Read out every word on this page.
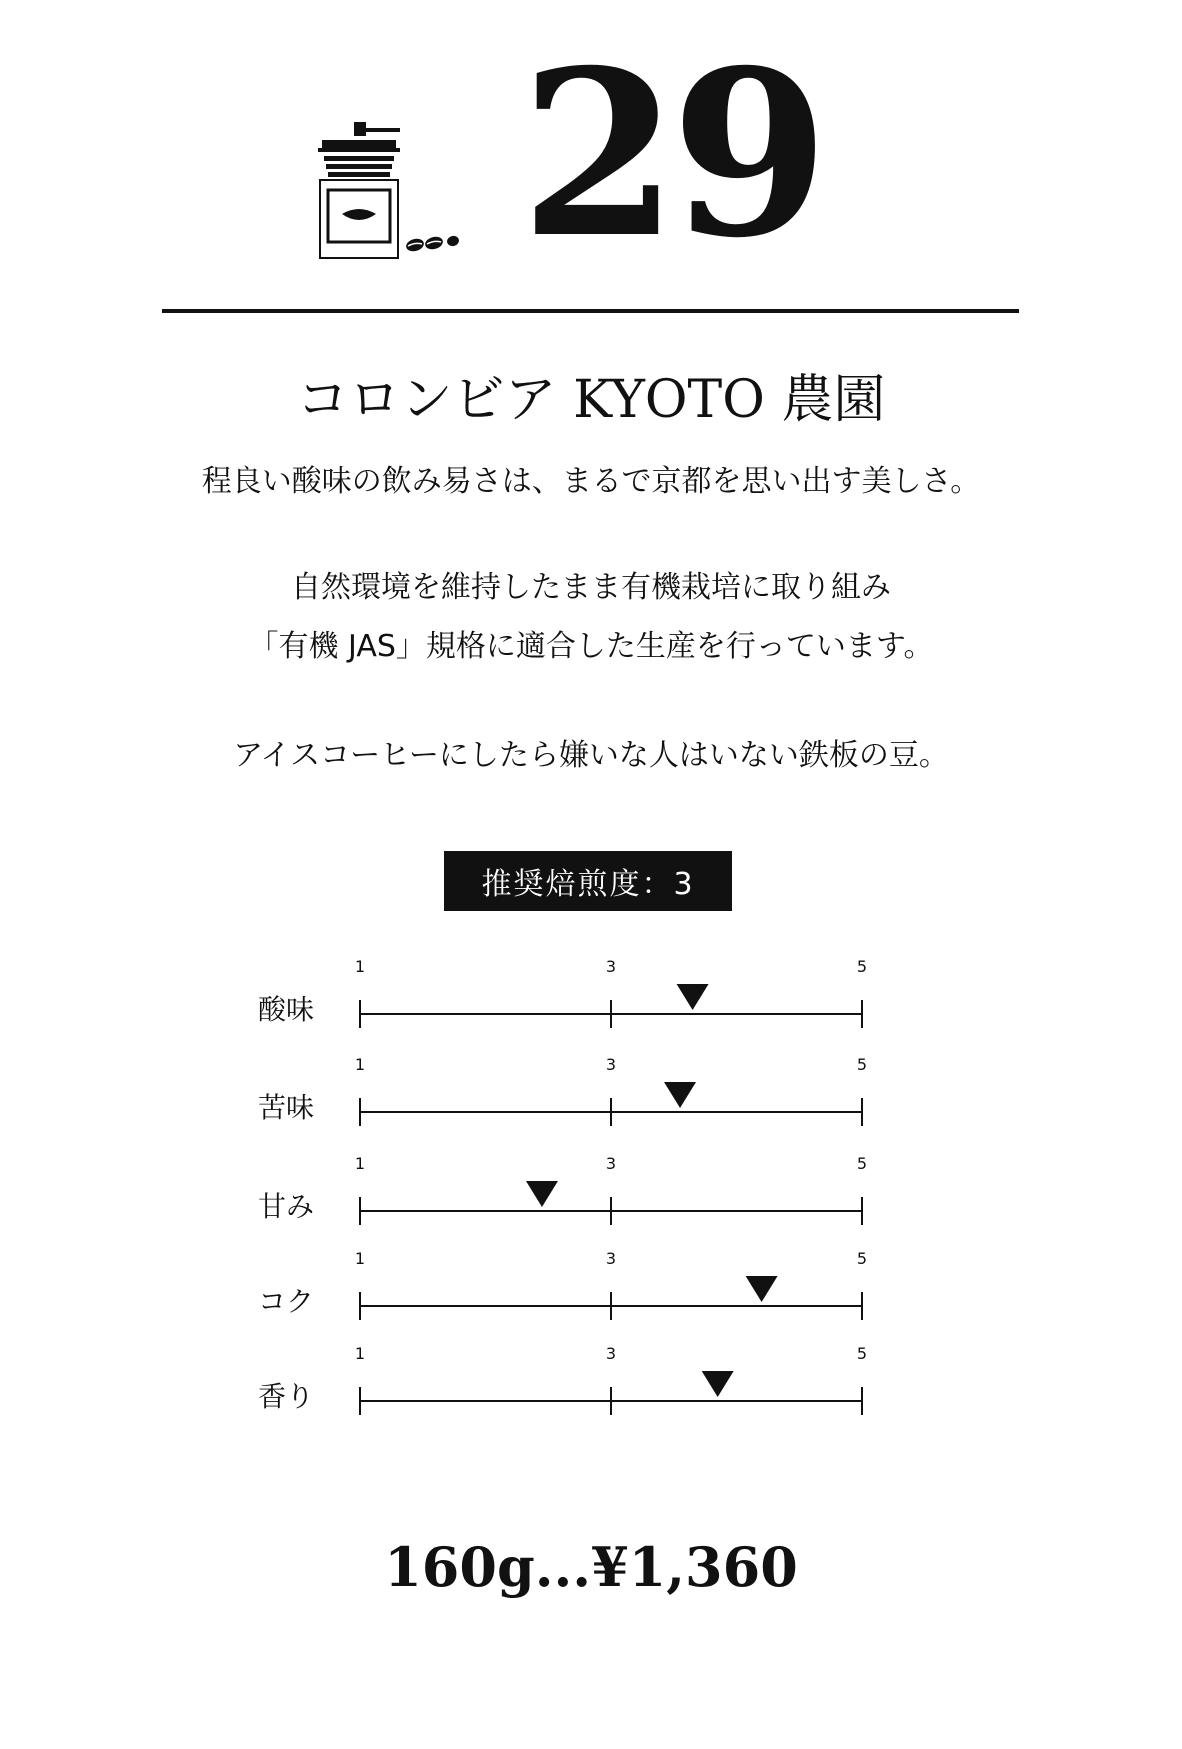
29
コロンビア KYOTO 農園
程良い酸味の飲み易さは、まるで京都を思い出す美しさ。
自然環境を維持したまま有機栽培に取り組み
「有機 JAS」規格に適合した生産を行っています。
アイスコーヒーにしたら嫌いな人はいない鉄板の豆。
推奨焙煎度：3
酸味
1	3	5
苦味
1	3	5
甘み
1	3	5
コク
1	3	5
香り
1	3	5
160g...¥1,360
